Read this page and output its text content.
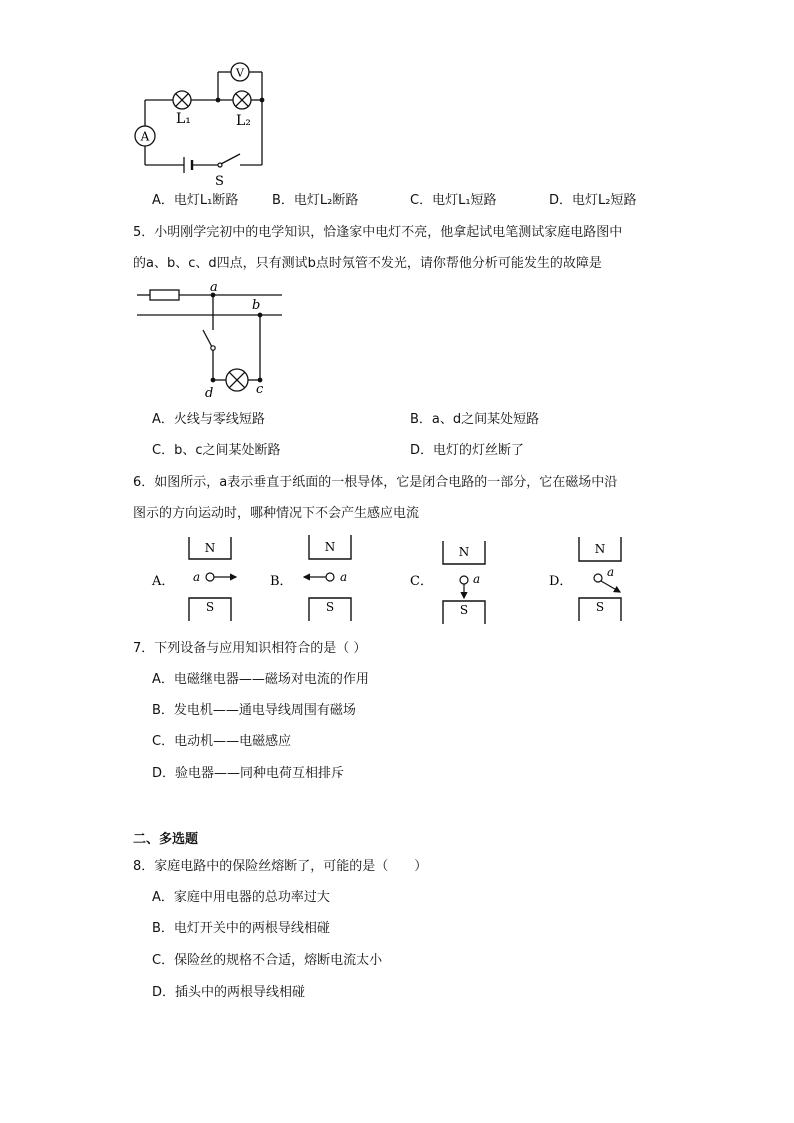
A
V
L₁	L₂
S
A．电灯L₁断路	B．电灯L₂断路	C．电灯L₁短路	D．电灯L₂短路
5．小明刚学完初中的电学知识，恰逢家中电灯不亮，他拿起试电笔测试家庭电路图中
的a、b、c、d四点，只有测试b点时氖管不发光，请你帮他分析可能发生的故障是
a
b
d	c
A．火线与零线短路	B．a、d之间某处短路
C．b、c之间某处断路	D．电灯的灯丝断了
6．如图所示，a表示垂直于纸面的一根导体，它是闭合电路的一部分，它在磁场中沿
图示的方向运动时，哪种情况下不会产生感应电流
A．
N
S
a	B．
N
S
a	C．
N
S
a	D．
N
S
a
7．下列设备与应用知识相符合的是（ ）
A．电磁继电器——磁场对电流的作用
B．发电机——通电导线周围有磁场
C．电动机——电磁感应
D．验电器——同种电荷互相排斥
二、多选题
8．家庭电路中的保险丝熔断了，可能的是（　　）
A．家庭中用电器的总功率过大
B．电灯开关中的两根导线相碰
C．保险丝的规格不合适，熔断电流太小
D．插头中的两根导线相碰
